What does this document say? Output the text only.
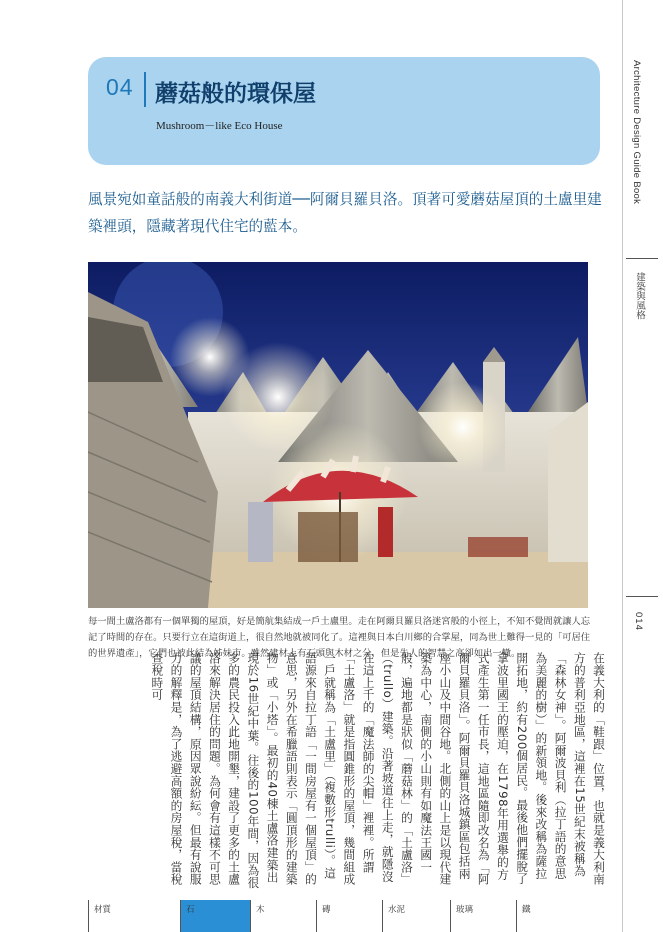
04 蘑菇般的環保屋
Mushroom－like Eco House	Architecture Design Guide Book
建築與風格
014

風景宛如童話般的南義大利街道──阿爾貝羅貝洛。頂著可愛蘑菇屋頂的土盧里建築裡頭，隱藏著現代住宅的藍本。

每一間土盧洛都有一個單獨的屋頂，好是簡航集結成一戶土盧里。走在阿爾貝羅貝洛迷宮般的小徑上，不知不覺間就讓人忘記了時間的存在。只要行立在這街道上，很自然地就被同化了。這裡與日本白川鄉的合掌屋，同為世上難得一見的「可居住的世界遺產」，它們也被此結為姊妹市。雖然建材上有石頭與木材之分，但是先人的智慧之高卻如出一轍。	在義大利的「鞋跟」位置，也就是義大利南方的普利亞地區，這裡在15世紀末被稱為「森林女神」。阿爾波貝利（拉丁語的意思為美麗的樹）」的新領地。後來改稱為薩拉開拓地，約有200個居民。最後他們擺脫了拿波里國王的壓迫，在1798年用選舉的方式產生第一任市長，這地區隨即改名為「阿爾貝羅貝洛」。阿爾貝羅貝洛城鎮區包括兩座小山及中間谷地。北側的山上是以現代建築為中心，南側的小山則有如魔法王國一般，遍地都是狀似「蘑菇林」的「土盧洛」（trullo）建築。沿著坡道往上走，就隱沒在這上千的「魔法師的尖帽」裡裡。所謂「土盧洛」就是指圓錐形的屋頂，幾間組成一戶就稱為「土盧里」（複數形trulli）。這語源來自拉丁語「一間房屋有一個屋頂」的意思，另外在希臘語則表示「圓頂形的建築物」或「小塔」。最初的40棟土盧洛建築出現於16世紀中葉。往後的100年間，因為很多的農民投入此地開墾，建設了更多的土盧洛來解決居住的問題。為何會有這樣不可思議的屋頂結構，原因眾說紛紜。但最有說服力的解釋是，為了逃避高額的房屋稅，當稅查稅時可

材質	石	木	磚	水泥	玻璃	鐵
